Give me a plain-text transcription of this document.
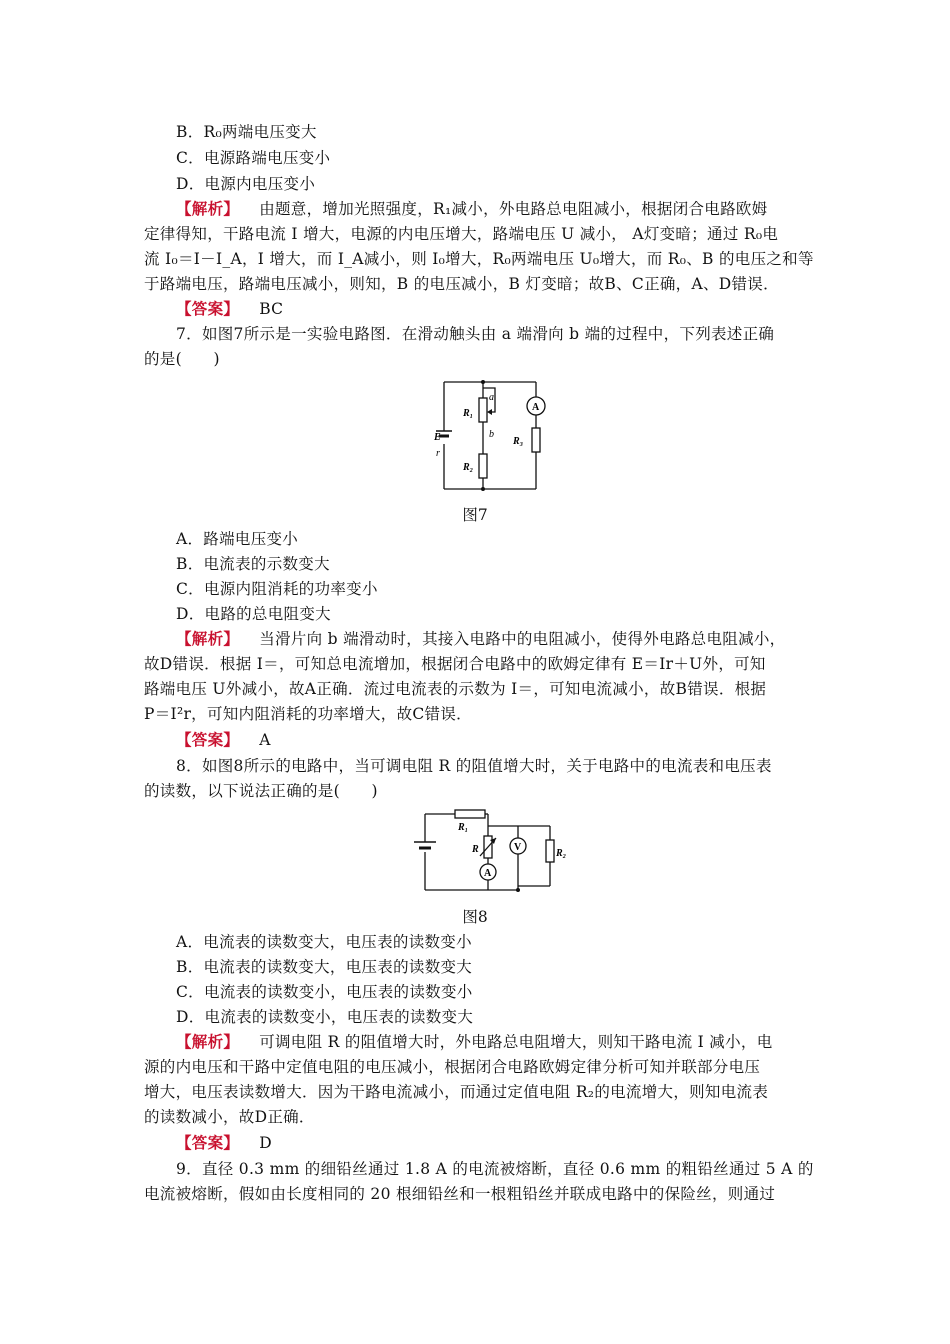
B．R₀两端电压变大
C．电源路端电压变小
D．电源内电压变小
【解析】 由题意，增加光照强度，R₁减小，外电路总电阻减小，根据闭合电路欧姆
定律得知，干路电流 I 增大，电源的内电压增大，路端电压 U 减小， A灯变暗；通过 R₀电
流 I₀＝I－I_A，I 增大，而 I_A减小，则 I₀增大，R₀两端电压 U₀增大，而 R₀、B 的电压之和等
于路端电压，路端电压减小，则知，B 的电压减小，B 灯变暗；故B、C正确，A、D错误．
【答案】 BC
7．如图7所示是一实验电路图．在滑动触头由 a 端滑向 b 端的过程中，下列表述正确
的是(　　)
E
r
R₁
R₂
R₃
a
b
A
图7
A．路端电压变小
B．电流表的示数变大
C．电源内阻消耗的功率变小
D．电路的总电阻变大
【解析】 当滑片向 b 端滑动时，其接入电路中的电阻减小，使得外电路总电阻减小，
故D错误．根据 I＝，可知总电流增加，根据闭合电路中的欧姆定律有 E＝Ir＋U外，可知
路端电压 U外减小，故A正确．流过电流表的示数为 I＝，可知电流减小，故B错误．根据
P＝I²r，可知内阻消耗的功率增大，故C错误．
【答案】 A
8．如图8所示的电路中，当可调电阻 R 的阻值增大时，关于电路中的电流表和电压表
的读数，以下说法正确的是(　　)
R₁
R	R₂
V
A
图8
A．电流表的读数变大，电压表的读数变小
B．电流表的读数变大，电压表的读数变大
C．电流表的读数变小，电压表的读数变小
D．电流表的读数变小，电压表的读数变大
【解析】 可调电阻 R 的阻值增大时，外电路总电阻增大，则知干路电流 I 减小，电
源的内电压和干路中定值电阻的电压减小，根据闭合电路欧姆定律分析可知并联部分电压
增大，电压表读数增大．因为干路电流减小，而通过定值电阻 R₂的电流增大，则知电流表
的读数减小，故D正确．
【答案】 D
9．直径 0.3 mm 的细铅丝通过 1.8 A 的电流被熔断，直径 0.6 mm 的粗铅丝通过 5 A 的
电流被熔断，假如由长度相同的 20 根细铅丝和一根粗铅丝并联成电路中的保险丝，则通过
